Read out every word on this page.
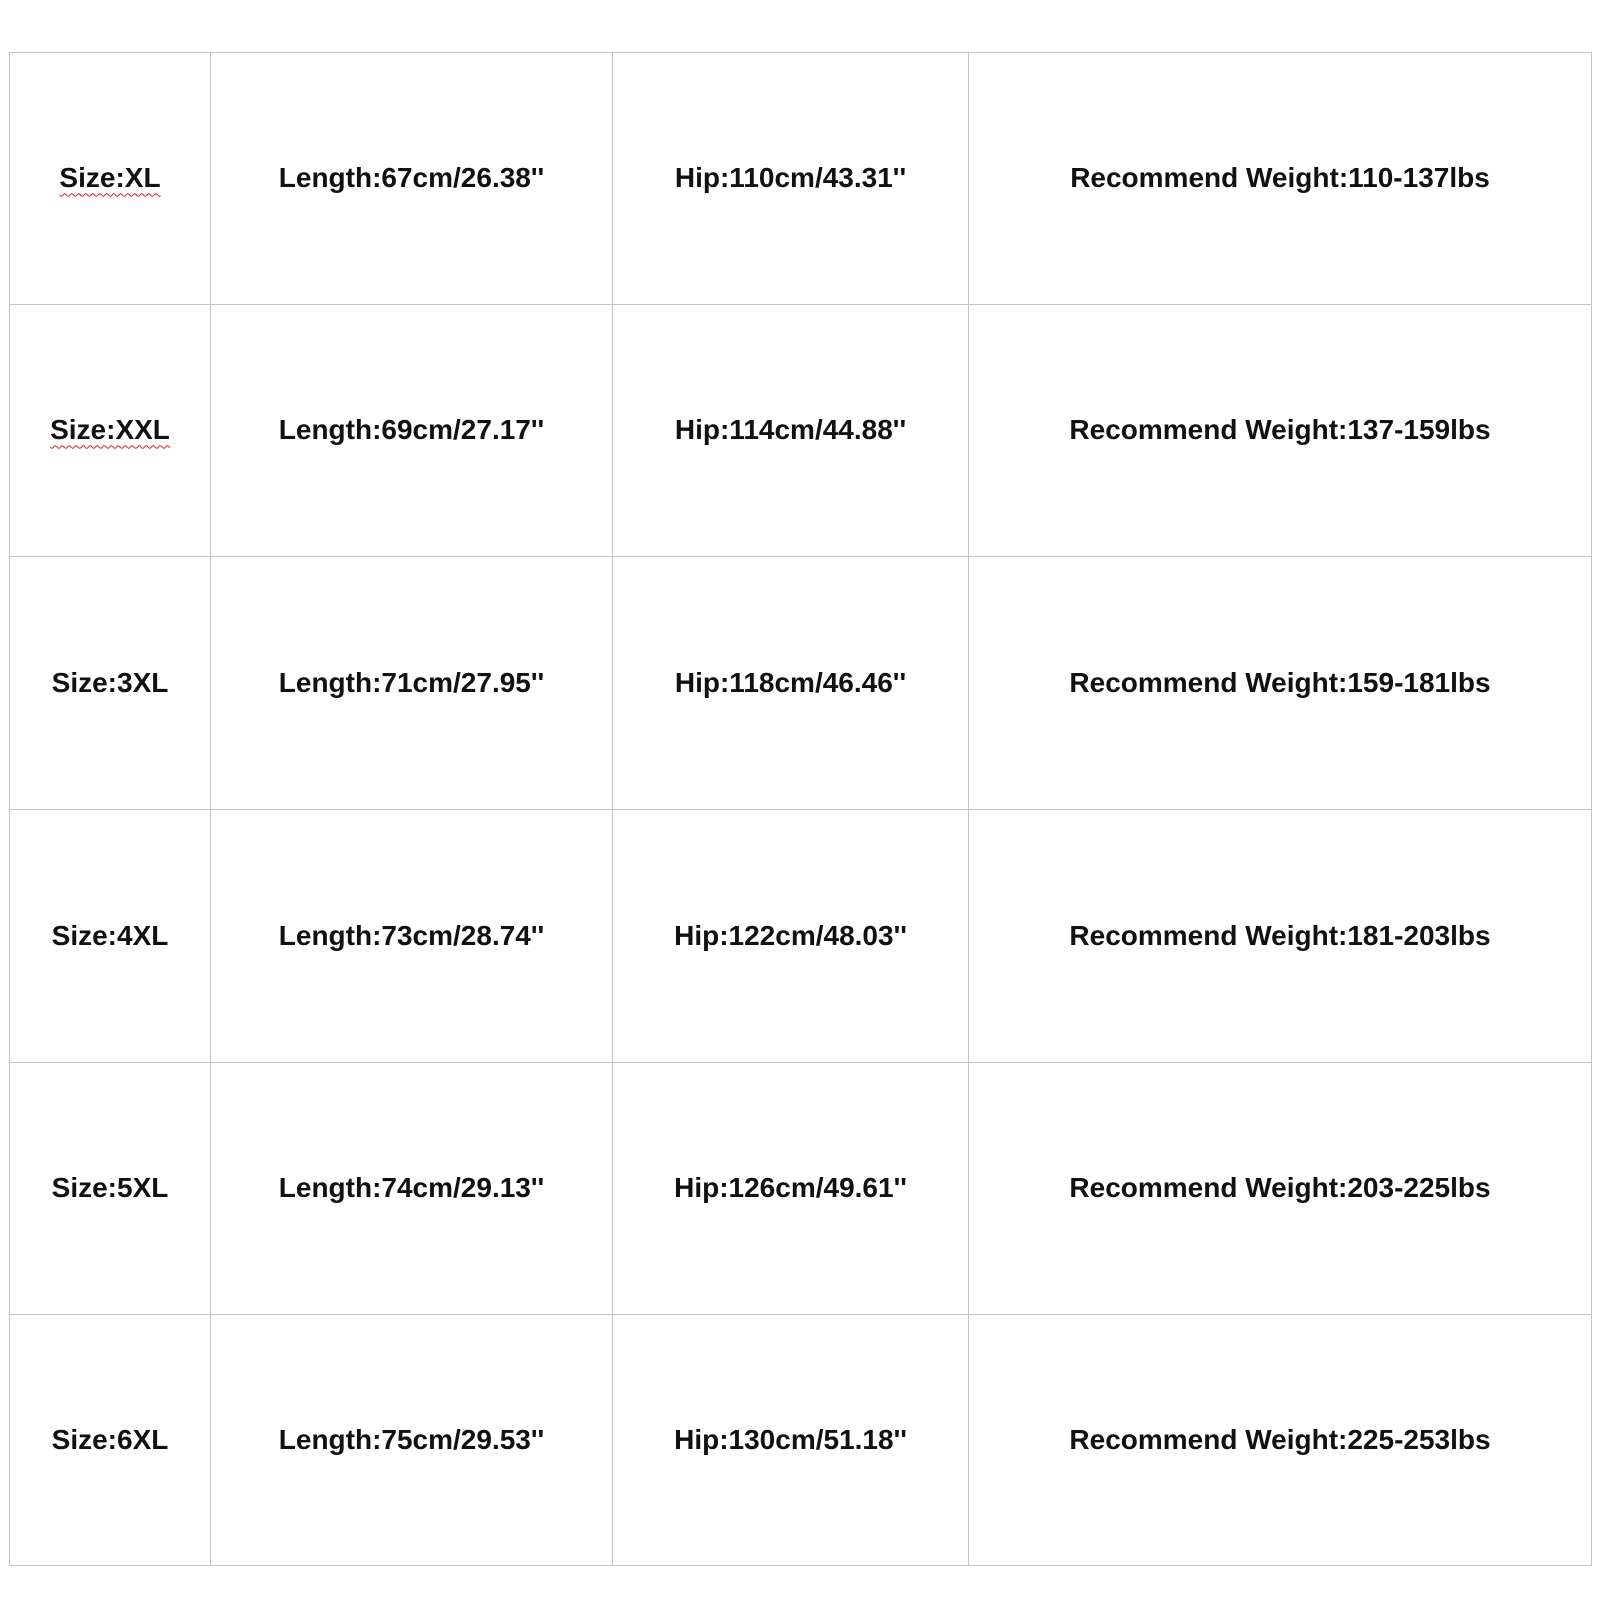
Size:XL	Length:67cm/26.38''	Hip:110cm/43.31''	Recommend Weight:110-137lbs
Size:XXL	Length:69cm/27.17''	Hip:114cm/44.88''	Recommend Weight:137-159lbs
Size:3XL	Length:71cm/27.95''	Hip:118cm/46.46''	Recommend Weight:159-181lbs
Size:4XL	Length:73cm/28.74''	Hip:122cm/48.03''	Recommend Weight:181-203lbs
Size:5XL	Length:74cm/29.13''	Hip:126cm/49.61''	Recommend Weight:203-225lbs
Size:6XL	Length:75cm/29.53''	Hip:130cm/51.18''	Recommend Weight:225-253lbs
